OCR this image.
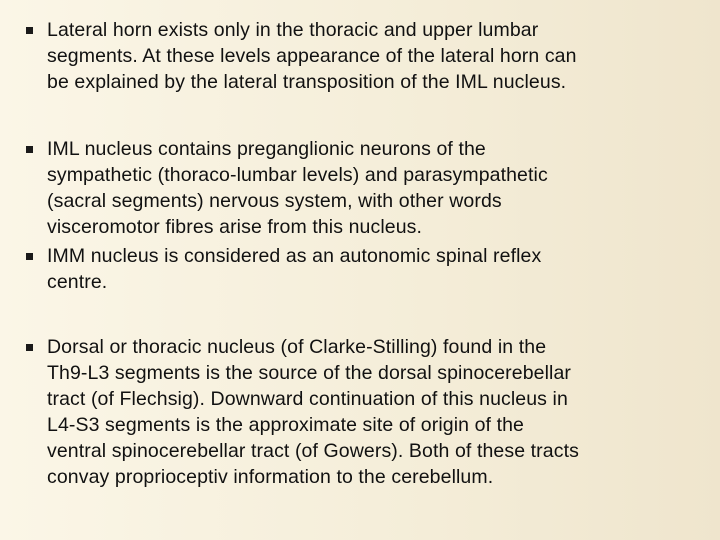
Lateral horn exists only in the thoracic and upper lumbar
segments. At these levels appearance of the lateral horn can
be explained by the lateral transposition of the IML nucleus.
IML nucleus contains preganglionic neurons of the
sympathetic (thoraco-lumbar levels) and parasympathetic
(sacral segments) nervous system, with other words
visceromotor fibres arise from this nucleus.
IMM nucleus is considered as an autonomic spinal reflex
centre.
Dorsal or thoracic nucleus (of Clarke-Stilling) found in the
Th9-L3 segments is the source of the dorsal spinocerebellar
tract (of Flechsig). Downward continuation of this nucleus in
L4-S3 segments is the approximate site of origin of the
ventral spinocerebellar tract (of Gowers). Both of these tracts
convay proprioceptiv information to the cerebellum.
